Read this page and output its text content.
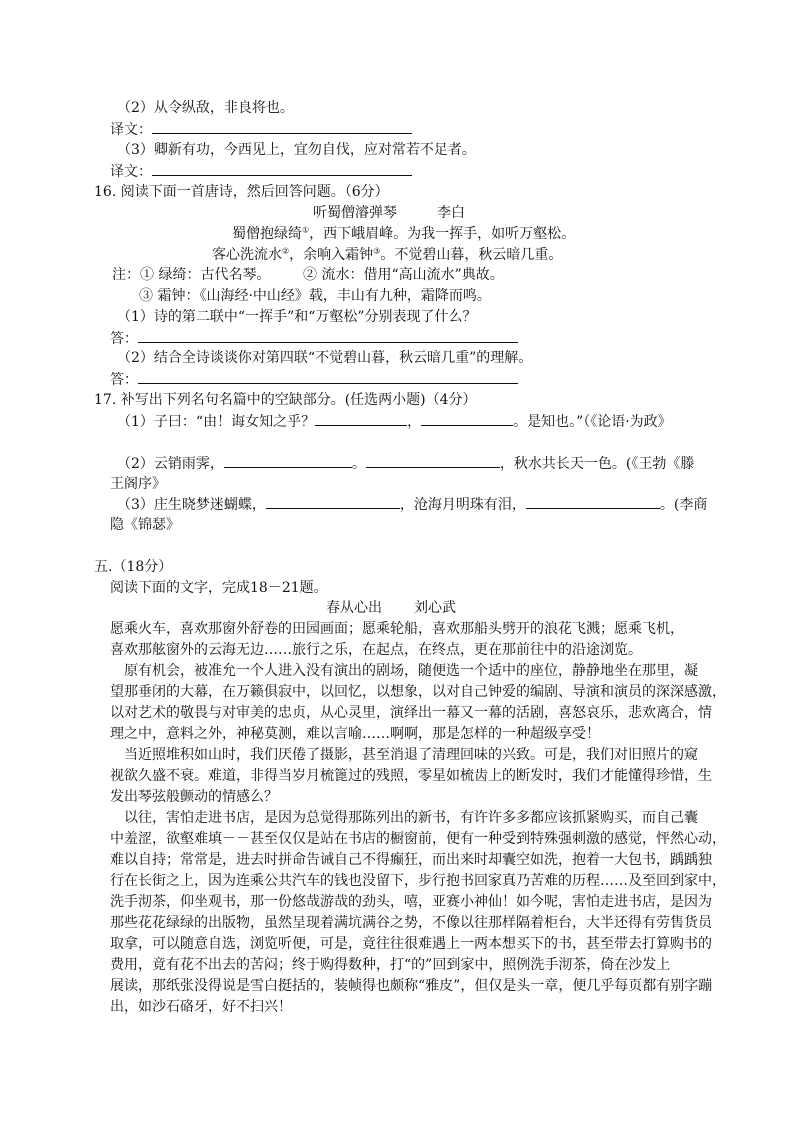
（2）从令纵敌，非良将也。
译文：
（3）卿新有功，今西见上，宜勿自伐，应对常若不足者。
译文：
16. 阅读下面一首唐诗，然后回答问题。（6分）
听蜀僧濬弹琴	李白
蜀僧抱绿绮①，西下峨眉峰。为我一挥手，如听万壑松。
客心洗流水②，余响入霜钟③。不觉碧山暮，秋云暗几重。
注：① 绿绮：古代名琴。 ② 流水：借用“高山流水”典故。
③ 霜钟：《山海经·中山经》载，丰山有九种，霜降而鸣。
（1）诗的第二联中“一挥手”和“万壑松”分别表现了什么？
答：
（2）结合全诗谈谈你对第四联“不觉碧山暮，秋云暗几重”的理解。
答：
17. 补写出下列名句名篇中的空缺部分。(任选两小题)（4分）
（1）子曰：“由！诲女知之乎？	，	。是知也。”（《论语·为政》
（2）云销雨霁，	。	，秋水共长天一色。(《王勃《滕
王阁序》
（3）庄生晓梦迷蝴蝶，	，沧海月明珠有泪，	。(李商
隐《锦瑟》
五.（18分）
阅读下面的文字，完成18－21题。
春从心出 刘心武
愿乘火车，喜欢那窗外舒卷的田园画面；愿乘轮船，喜欢那船头劈开的浪花飞溅；愿乘飞机，
喜欢那舷窗外的云海无边……旅行之乐，在起点，在终点，更在那前往中的沿途浏览。
原有机会，被准允一个人进入没有演出的剧场，随便选一个适中的座位，静静地坐在那里，凝
望那垂闭的大幕，在万籁俱寂中，以回忆，以想象，以对自己钟爱的编剧、导演和演员的深深感激，
以对艺术的敬畏与对审美的忠贞，从心灵里，演绎出一幕又一幕的活剧，喜怒哀乐，悲欢离合，情
理之中，意料之外，神秘莫测，难以言喻……啊啊，那是怎样的一种超级享受！
当近照堆积如山时，我们厌倦了摄影，甚至消退了清理回味的兴致。可是，我们对旧照片的窥
视欲久盛不衰。难道，非得当岁月梳篦过的残照，零星如梳齿上的断发时，我们才能懂得珍惜，生
发出琴弦般颤动的情感么？
以往，害怕走进书店，是因为总觉得那陈列出的新书，有许许多多都应该抓紧购买，而自己囊
中羞涩，欲壑难填－－甚至仅仅是站在书店的橱窗前，便有一种受到特殊强刺激的感觉，怦然心动，
难以自持；常常是，进去时拼命告诫自己不得癫狂，而出来时却囊空如洗，抱着一大包书，踽踽独
行在长街之上，因为连乘公共汽车的钱也没留下，步行抱书回家真乃苦难的历程……及至回到家中，
洗手沏茶，仰坐观书，那一份悠哉游哉的劲头，嘻，亚赛小神仙！如今呢，害怕走进书店，是因为
那些花花绿绿的出版物，虽然呈现着满坑满谷之势，不像以往那样隔着柜台，大半还得有劳售货员
取拿，可以随意自选，浏览听便，可是，竟往往很难遇上一两本想买下的书，甚至带去打算购书的
费用，竟有花不出去的苦闷；终于购得数种，打“的”回到家中，照例洗手沏茶，倚在沙发上
展读，那纸张没得说是雪白挺括的，装帧得也颇称“雅皮”，但仅是头一章，便几乎每页都有别字蹦
出，如沙石硌牙，好不扫兴！
